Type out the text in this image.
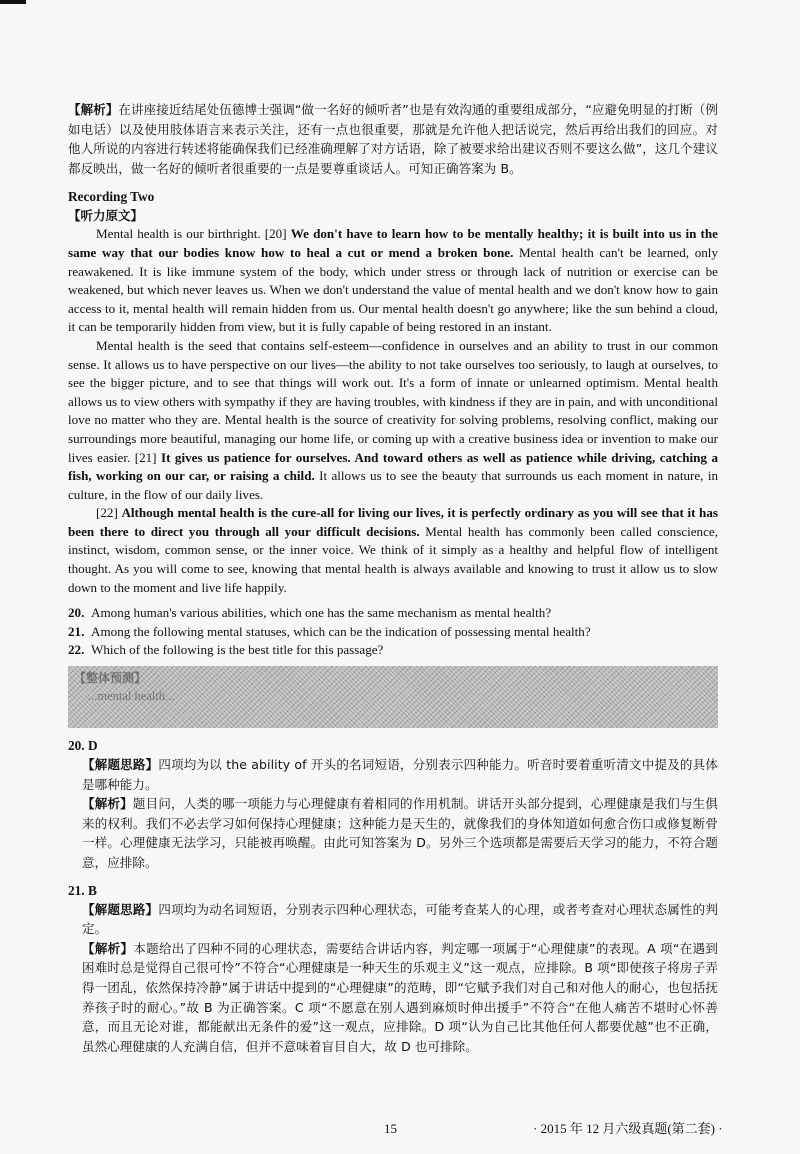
【解析】在讲座接近结尾处伍德博士强调“做一名好的倾听者”也是有效沟通的重要组成部分，“应避免明显的打断（例如电话）以及使用肢体语言来表示关注，还有一点也很重要，那就是允许他人把话说完，然后再给出我们的回应。对他人所说的内容进行转述将能确保我们已经准确理解了对方话语，除了被要求给出建议否则不要这么做”，这几个建议都反映出，做一名好的倾听者很重要的一点是要尊重谈话人。可知正确答案为 B。

Recording Two
【听力原文】

Mental health is our birthright. [20] We don't have to learn how to be mentally healthy; it is built into us in the same way that our bodies know how to heal a cut or mend a broken bone. Mental health can't be learned, only reawakened. It is like immune system of the body, which under stress or through lack of nutrition or exercise can be weakened, but which never leaves us. When we don't understand the value of mental health and we don't know how to gain access to it, mental health will remain hidden from us. Our mental health doesn't go anywhere; like the sun behind a cloud, it can be temporarily hidden from view, but it is fully capable of being restored in an instant.

Mental health is the seed that contains self-esteem—confidence in ourselves and an ability to trust in our common sense. It allows us to have perspective on our lives—the ability to not take ourselves too seriously, to laugh at ourselves, to see the bigger picture, and to see that things will work out. It's a form of innate or unlearned optimism. Mental health allows us to view others with sympathy if they are having troubles, with kindness if they are in pain, and with unconditional love no matter who they are. Mental health is the source of creativity for solving problems, resolving conflict, making our surroundings more beautiful, managing our home life, or coming up with a creative business idea or invention to make our lives easier. [21] It gives us patience for ourselves. And toward others as well as patience while driving, catching a fish, working on our car, or raising a child. It allows us to see the beauty that surrounds us each moment in nature, in culture, in the flow of our daily lives.

[22] Although mental health is the cure-all for living our lives, it is perfectly ordinary as you will see that it has been there to direct you through all your difficult decisions. Mental health has commonly been called conscience, instinct, wisdom, common sense, or the inner voice. We think of it simply as a healthy and helpful flow of intelligent thought. As you will come to see, knowing that mental health is always available and knowing to trust it allow us to slow down to the moment and live life happily.

20. Among human's various abilities, which one has the same mechanism as mental health?

21. Among the following mental statuses, which can be the indication of possessing mental health?

22. Which of the following is the best title for this passage?

【整体预测】
...mental health...
20. D

【解题思路】四项均为以 the ability of 开头的名词短语，分别表示四种能力。听音时要着重听清文中提及的具体是哪种能力。

【解析】题目问，人类的哪一项能力与心理健康有着相同的作用机制。讲话开头部分提到，心理健康是我们与生俱来的权利。我们不必去学习如何保持心理健康；这种能力是天生的，就像我们的身体知道如何愈合伤口或修复断骨一样。心理健康无法学习，只能被再唤醒。由此可知答案为 D。另外三个选项都是需要后天学习的能力，不符合题意，应排除。

21. B

【解题思路】四项均为动名词短语，分别表示四种心理状态，可能考查某人的心理，或者考查对心理状态属性的判定。

【解析】本题给出了四种不同的心理状态，需要结合讲话内容，判定哪一项属于“心理健康”的表现。A 项“在遇到困难时总是觉得自己很可怜”不符合“心理健康是一种天生的乐观主义”这一观点，应排除。B 项“即使孩子将房子弄得一团乱，依然保持冷静”属于讲话中提到的“心理健康”的范畴，即“它赋予我们对自己和对他人的耐心，也包括抚养孩子时的耐心。”故 B 为正确答案。C 项“不愿意在别人遇到麻烦时伸出援手”不符合“在他人痛苦不堪时心怀善意，而且无论对谁，都能献出无条件的爱”这一观点，应排除。D 项“认为自己比其他任何人都要优越”也不正确，虽然心理健康的人充满自信，但并不意味着盲目自大，故 D 也可排除。

15	· 2015 年 12 月六级真题(第二套) ·
